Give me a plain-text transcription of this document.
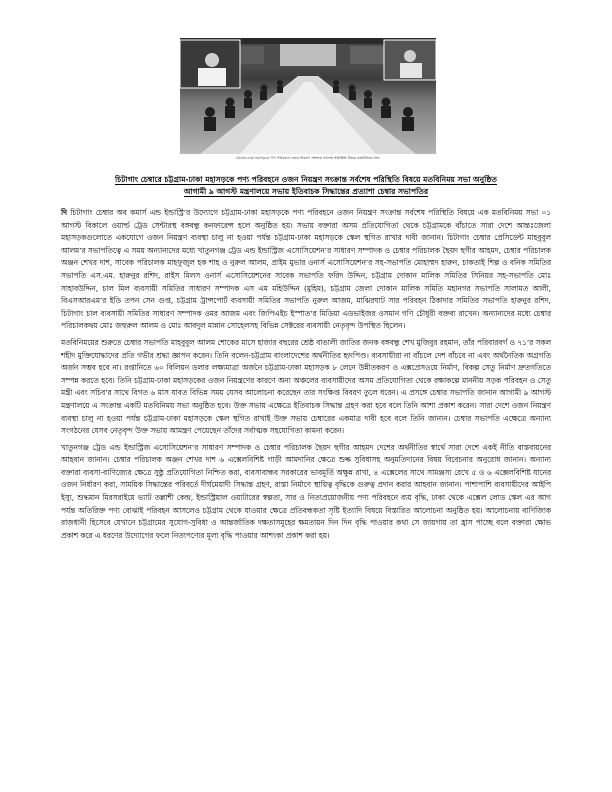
চট্টগ্রাম-ঢাকা মহাসড়কে পণ্য পরিবহনে ওজন নিয়ন্ত্রণ সংক্রান্ত সর্বশেষ পরিস্থিতি বিষয়ে মতবিনিময় সভা
চিটাগাং চেম্বারে চট্টগ্রাম-ঢাকা মহাসড়কে পণ্য পরিবহনে ওজন নিয়ন্ত্রণ সংক্রান্ত সর্বশেষ পরিস্থিতি বিষয়ে মতবিনিময় সভা অনুষ্ঠিত
আগামী ৯ আগস্ট মন্ত্রণালয়ে সভায় ইতিবাচক সিদ্ধান্তের প্রত্যাশা চেম্বার সভাপতির

দি চিটাগাং চেম্বার অব কমার্স এন্ড ইন্ডাস্ট্রি’র উদ্যোগে চট্টগ্রাম-ঢাকা মহাসড়কে পণ্য পরিবহনে ওজন নিয়ন্ত্রণ সংক্রান্ত সর্বশেষ পরিস্থিতি বিষয়ে এক মতবিনিময় সভা ০১ আগস্ট বিকালে ওয়ার্ল্ড ট্রেড সেন্টারস্থ বঙ্গবন্ধু কনফারেন্স হলে অনুষ্ঠিত হয়। সভায় বক্তারা অসম প্রতিযোগিতা থেকে চট্টগ্রামকে বাঁচাতে সারা দেশে আন্তঃজেলা মহাসড়কগুলোতে একযোগে ওজন নিয়ন্ত্রণ ব্যবস্থা চালু না হওয়া পর্যন্ত চট্টগ্রাম-ঢাকা মহাসড়কে স্কেল স্থগিত রাখার দাবী জানান। চিটাগাং চেম্বার প্রেসিডেন্ট মাহবুবুল আলম’র সভাপতিত্বে এ সময় অন্যান্যদের মধ্যে খাতুনগঞ্জ ট্রেড এন্ড ইন্ডাস্ট্রিজ এসোসিয়েশন’র সাধারণ সম্পাদক ও চেম্বার পরিচালক ছৈয়দ ছগীর আহমদ, চেম্বার পরিচালক অঞ্জন শেখর দাশ, সাবেক পরিচালক মাহফুজুল হক শাহ ও নুরুল আলম, প্রাইম মুভার ওনার্স এসোসিয়েশন’র সহ-সভাপতি মোহাম্মদ হারুন, চাকতাই শিল্প ও বনিক সমিতির সভাপতি এস.এম. হারুনুর রশিদ, রাইস মিলস ওনার্স এসোসিয়েশনের সাবেক সভাপতি ফরিদ উদ্দিন, চট্টগ্রাম দোকান মালিক সমিতির সিনিয়র সহ-সভাপতি মোঃ সাহাবউদ্দিন, চাল মিল ব্যবসায়ী সমিতির সাধারণ সম্পাদক এস এম মহিউদ্দিন (মুহিম), চট্টগ্রাম জেলা দোকান মালিক সমিতি মহানগর সভাপতি সালামত আলী, বিএসআরএম’র ইডি তপন সেন গুপ্ত, চট্টগ্রাম ট্রান্সপোর্ট ব্যবসায়ী সমিতির সভাপতি নুরুল আজম, মাঝিরঘাট সার পরিবহন ঠিকাদার সমিতির সভাপতি হারুনুর রশিদ, চিটাগাং চাল ব্যবসায়ী সমিতির সাধারণ সম্পাদক ওমর আজম এবং জিপিএইচ ইস্পাত’র মিডিয়া এডভাইজর ওসমান গণি চৌধুরী বক্তব্য রাখেন। অন্যান্যদের মধ্যে চেম্বার পরিচালকদ্বয় মোঃ জহুরুল আলম ও মোঃ আবদুল মান্নান সোহেলসহ বিভিন্ন সেক্টরের ব্যবসায়ী নেতৃবৃন্দ উপস্থিত ছিলেন।

মতবিনিময়ের শুরুতে চেম্বার সভাপতি মাহবুবুল আলম শোকের মাসে হাজার বছরের শ্রেষ্ঠ বাঙালী জাতির জনক বঙ্গবন্ধু শেখ মুজিবুর রহমান, তাঁর পরিবারবর্গ ও ৭১’র সকল শহীদ মুক্তিযোদ্ধাদের প্রতি গভীর শ্রদ্ধা জ্ঞাপন করেন। তিনি বলেন-চট্টগ্রাম বাংলাদেশের অর্থনীতির হৃদপিণ্ড। ব্যবসায়ীরা না বাঁচলে দেশ বাঁচবে না এবং অর্থনৈতিক অগ্রগতি অর্জন সম্ভব হবে না। রপ্তানিতে ৬০ বিলিয়ন ডলার লক্ষ্যমাত্রা অর্জনে চট্টগ্রাম-ঢাকা মহাসড়ক ৮ লেনে উন্নীতকরণ ও এক্সপ্রেসওয়ে নির্মাণ, বিকল্প সেতু নির্মাণ দ্রুতগতিতে সম্পন্ন করতে হবে। তিনি চট্টগ্রাম-ঢাকা মহাসড়কের ওজন নিয়ন্ত্রণের কারণে অন্য অঞ্চলের ব্যবসায়ীদের অসম প্রতিযোগিতা থেকে রক্ষাকল্পে মাননীয় সড়ক পরিবহন ও সেতু মন্ত্রী এবং সচিব’র সাথে বিগত ৬ মাস যাবত বিভিন্ন সময় যেসব আলোচনা করেছেন তার সংক্ষিপ্ত বিবরণ তুলে ধরেন। এ প্রসঙ্গে চেম্বার সভাপতি জানান আগামী ৯ আগস্ট মন্ত্রণালয়ে এ সংক্রান্ত একটি মতবিনিময় সভা অনুষ্ঠিত হবে। উক্ত সভায় এক্ষেত্রে ইতিবাচক সিদ্ধান্ত গ্রহণ করা হবে বলে তিনি আশা প্রকাশ করেন। সারা দেশে ওজন নিয়ন্ত্রণ ব্যবস্থা চালু না হওয়া পর্যন্ত চট্টগ্রাম-ঢাকা মহাসড়কে স্কেল স্থগিত রাখাই উক্ত সভায় চেম্বারের একমাত্র দাবী হবে বলে তিনি জানান। চেম্বার সভাপতি এক্ষেত্রে অন্যান্য সংগঠনের যেসব নেতৃবৃন্দ উক্ত সভায় আমন্ত্রণ পেয়েছেন তাঁদের সর্বাত্মক সহযোগিতা কামনা করেন।

খাতুনগঞ্জ ট্রেড এন্ড ইন্ডাস্ট্রিজ এসোসিয়েশন’র সাধারণ সম্পাদক ও চেম্বার পরিচালক ছৈয়দ ছগীর আহমদ দেশের অর্থনীতির স্বার্থে সারা দেশে একই নীতি বাস্তবায়নের আহবান জানান। চেম্বার পরিচালক অঞ্জন শেখর দাশ ৬ এক্সেলবিশিষ্ট গাড়ী আমদানির ক্ষেত্রে শুল্ক সুবিধাসহ অনুমতিদানের বিষয় বিবেচনার অনুরোধ জানান। অন্যান্য বক্তারা ব্যবসা-বাণিজ্যের ক্ষেত্রে সুষ্ঠু প্রতিযোগিতা নিশ্চিত করা, ব্যবসাবান্ধব সরকারের ভাবমূর্তি অক্ষুন্ন রাখা, ৪ এক্সেলের সাথে সামঞ্জস্য রেখে ৫ ও ৬ এক্সেলবিশিষ্ট যানের ওজন নির্ধারণ করা, সাময়িক সিদ্ধান্তের পরিবর্তে দীর্ঘমেয়াদী সিদ্ধান্ত গ্রহণ, রাস্তা নির্মাণে স্থায়িত্ব বৃদ্ধিকে গুরুত্ব প্রদান করার আহবান জানান। পাশাপাশি ব্যবসায়ীদের আইপি ইস্যু, শুদ্ধমান মিরসরাইয়ে ভ্যাট তল্লাশী কেন্দ্র, ইন্ডাস্ট্রিয়াল ওয়াটারের স্বল্পতা, সার ও নিত্যপ্রয়োজনীয় পণ্য পরিবহনে ব্যয় বৃদ্ধি, ঢাকা থেকে এক্সেল লোড স্কেল এর আগ পর্যন্ত অতিরিক্ত পণ্য বোঝাই পরিবহন আসলেও চট্টগ্রাম থেকে যাওয়ার ক্ষেত্রে প্রতিবন্ধকতা সৃষ্টি ইত্যাদি বিষয়ে বিস্তারিত আলোচনা অনুষ্ঠিত হয়। আলোচনায় বাণিজ্যিক রাজধানী হিসেবে যেখানে চট্টগ্রামের সুযোগ-সুবিধা ও আন্তর্জাতিক দক্ষতাসমূহের ক্ষমতায়ন দিন দিন বৃদ্ধি পাওয়ার কথা সে জায়গায় তা হ্রাস পাচ্ছে বলে বক্তারা ক্ষোভ প্রকাশ করে এ ধরণের উদ্যোগের ফলে নিত্যপণ্যের মূল্য বৃদ্ধি পাওয়ার আশংকা প্রকাশ করা হয়।
